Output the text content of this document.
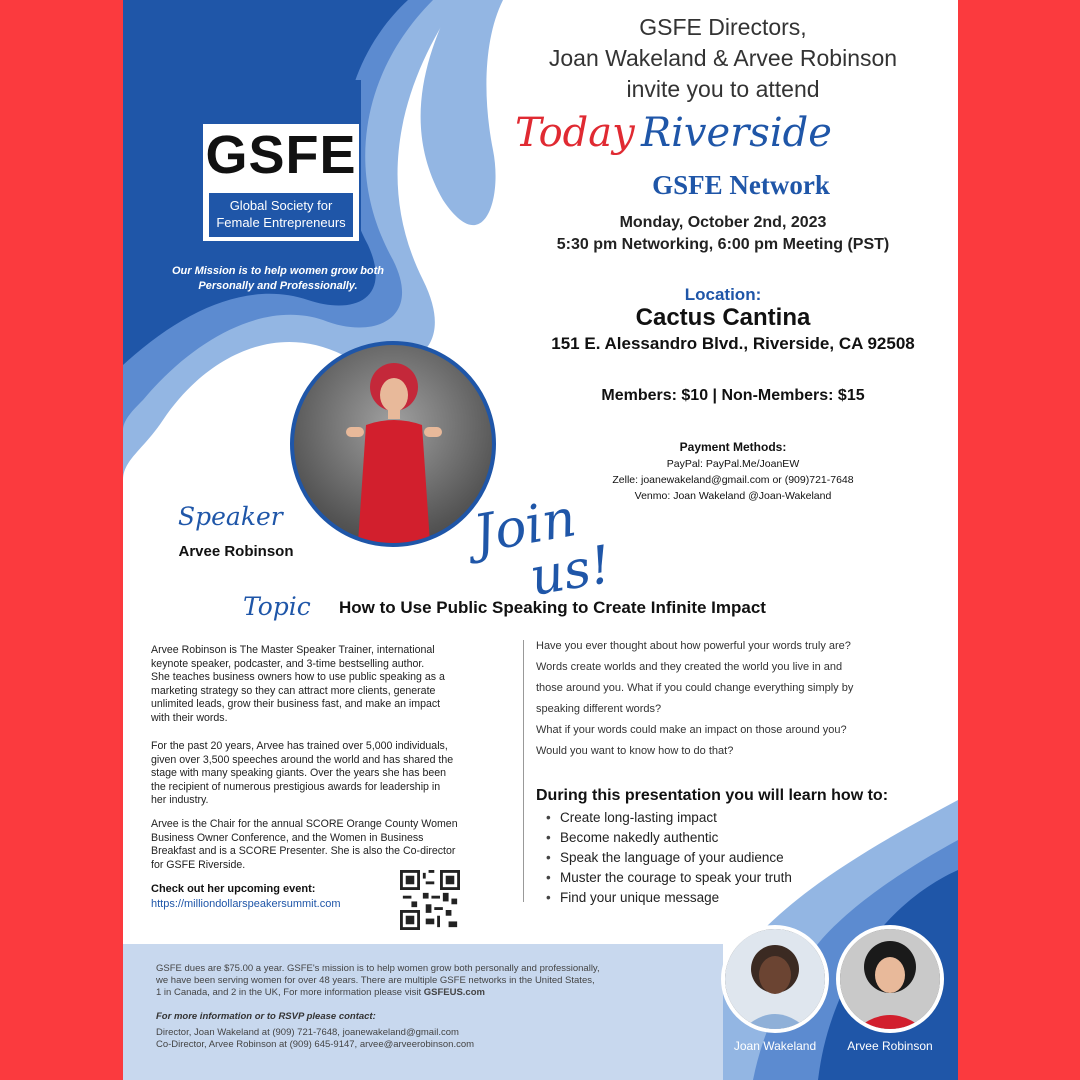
GSFE
Global Society for
Female Entrepreneurs
Our Mission is to help women grow both
Personally and Professionally.
GSFE Directors,
Joan Wakeland & Arvee Robinson
invite you to attend
Today Riverside
GSFE Network
Monday, October 2nd, 2023
5:30 pm Networking, 6:00 pm Meeting (PST)
Location:
Cactus Cantina
151 E. Alessandro Blvd., Riverside, CA 92508
Members: $10 | Non-Members: $15
Payment Methods:
PayPal: PayPal.Me/JoanEW
Zelle: joanewakeland@gmail.com or (909)721-7648
Venmo: Joan Wakeland @Joan-Wakeland
Speaker
Arvee Robinson	Join
us!
Topic How to Use Public Speaking to Create Infinite Impact
Arvee Robinson is The Master Speaker Trainer, international
keynote speaker, podcaster, and 3-time bestselling author.
She teaches business owners how to use public speaking as a
marketing strategy so they can attract more clients, generate
unlimited leads, grow their business fast, and make an impact
with their words.
For the past 20 years, Arvee has trained over 5,000 individuals,
given over 3,500 speeches around the world and has shared the
stage with many speaking giants. Over the years she has been
the recipient of numerous prestigious awards for leadership in
her industry.
Arvee is the Chair for the annual SCORE Orange County Women
Business Owner Conference, and the Women in Business
Breakfast and is a SCORE Presenter. She is also the Co-director
for GSFE Riverside.
Check out her upcoming event:
https://milliondollarspeakersummit.com
Have you ever thought about how powerful your words truly are?
Words create worlds and they created the world you live in and
those around you. What if you could change everything simply by
speaking different words?
What if your words could make an impact on those around you?
Would you want to know how to do that?
During this presentation you will learn how to:
• Create long-lasting impact
• Become nakedly authentic
• Speak the language of your audience
• Muster the courage to speak your truth
• Find your unique message
GSFE dues are $75.00 a year. GSFE's mission is to help women grow both personally and professionally,
we have been serving women for over 48 years. There are multiple GSFE networks in the United States,
1 in Canada, and 2 in the UK, For more information please visit GSFEUS.com
For more information or to RSVP please contact:
Director, Joan Wakeland at (909) 721-7648, joanewakeland@gmail.com
Co-Director, Arvee Robinson at (909) 645-9147, arvee@arveerobinson.com	Joan Wakeland	Arvee Robinson
